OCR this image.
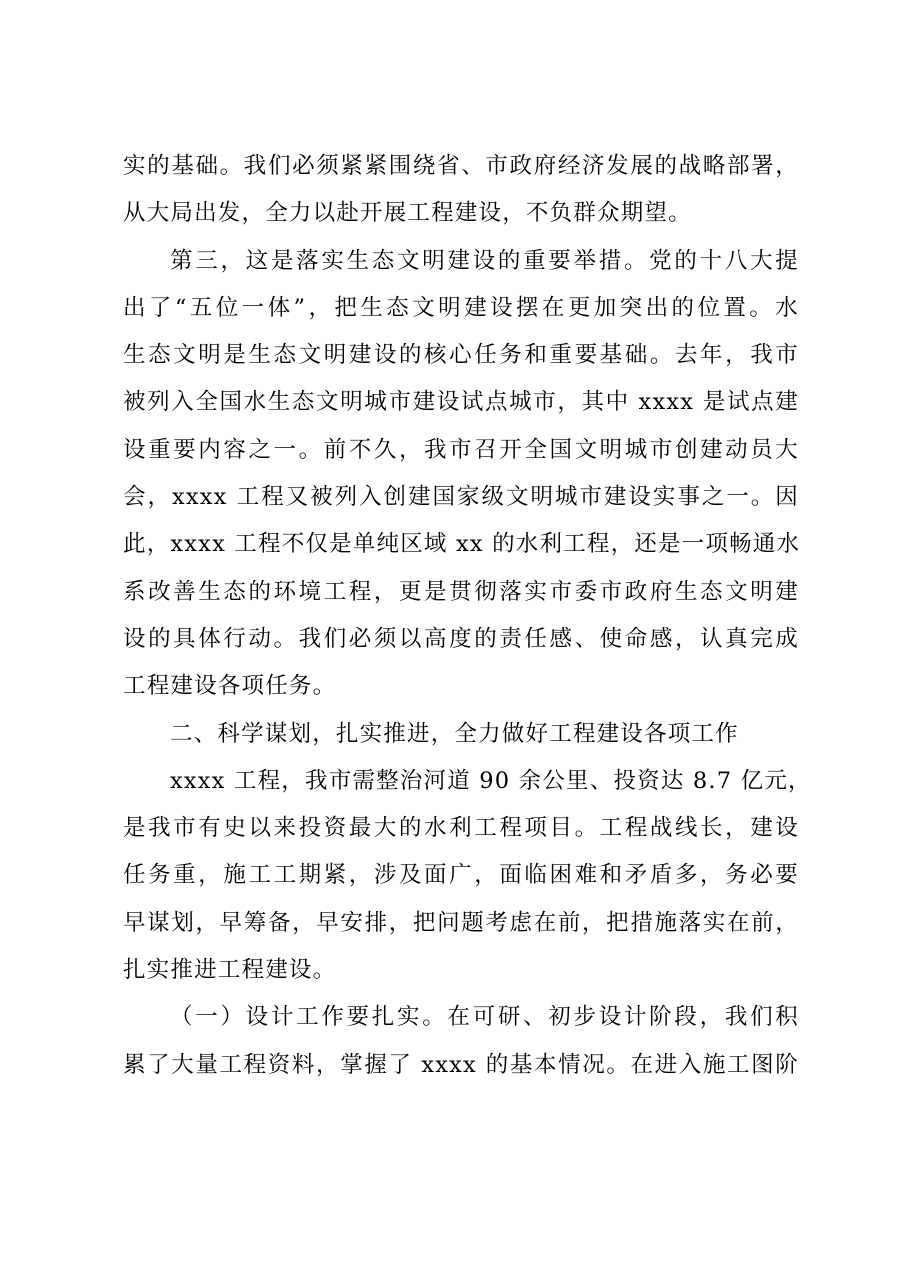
实的基础。我们必须紧紧围绕省、市政府经济发展的战略部署，
从大局出发，全力以赴开展工程建设，不负群众期望。
第三，这是落实生态文明建设的重要举措。党的十八大提
出了“五位一体”，把生态文明建设摆在更加突出的位置。水
生态文明是生态文明建设的核心任务和重要基础。去年，我市
被列入全国水生态文明城市建设试点城市，其中 xxxx 是试点建
设重要内容之一。前不久，我市召开全国文明城市创建动员大
会，xxxx 工程又被列入创建国家级文明城市建设实事之一。因
此，xxxx 工程不仅是单纯区域 xx 的水利工程，还是一项畅通水
系改善生态的环境工程，更是贯彻落实市委市政府生态文明建
设的具体行动。我们必须以高度的责任感、使命感，认真完成
工程建设各项任务。
二、科学谋划，扎实推进，全力做好工程建设各项工作
xxxx 工程，我市需整治河道 90 余公里、投资达 8.7 亿元，
是我市有史以来投资最大的水利工程项目。工程战线长，建设
任务重，施工工期紧，涉及面广，面临困难和矛盾多，务必要
早谋划，早筹备，早安排，把问题考虑在前，把措施落实在前，
扎实推进工程建设。
（一）设计工作要扎实。在可研、初步设计阶段，我们积
累了大量工程资料，掌握了 xxxx 的基本情况。在进入施工图阶
